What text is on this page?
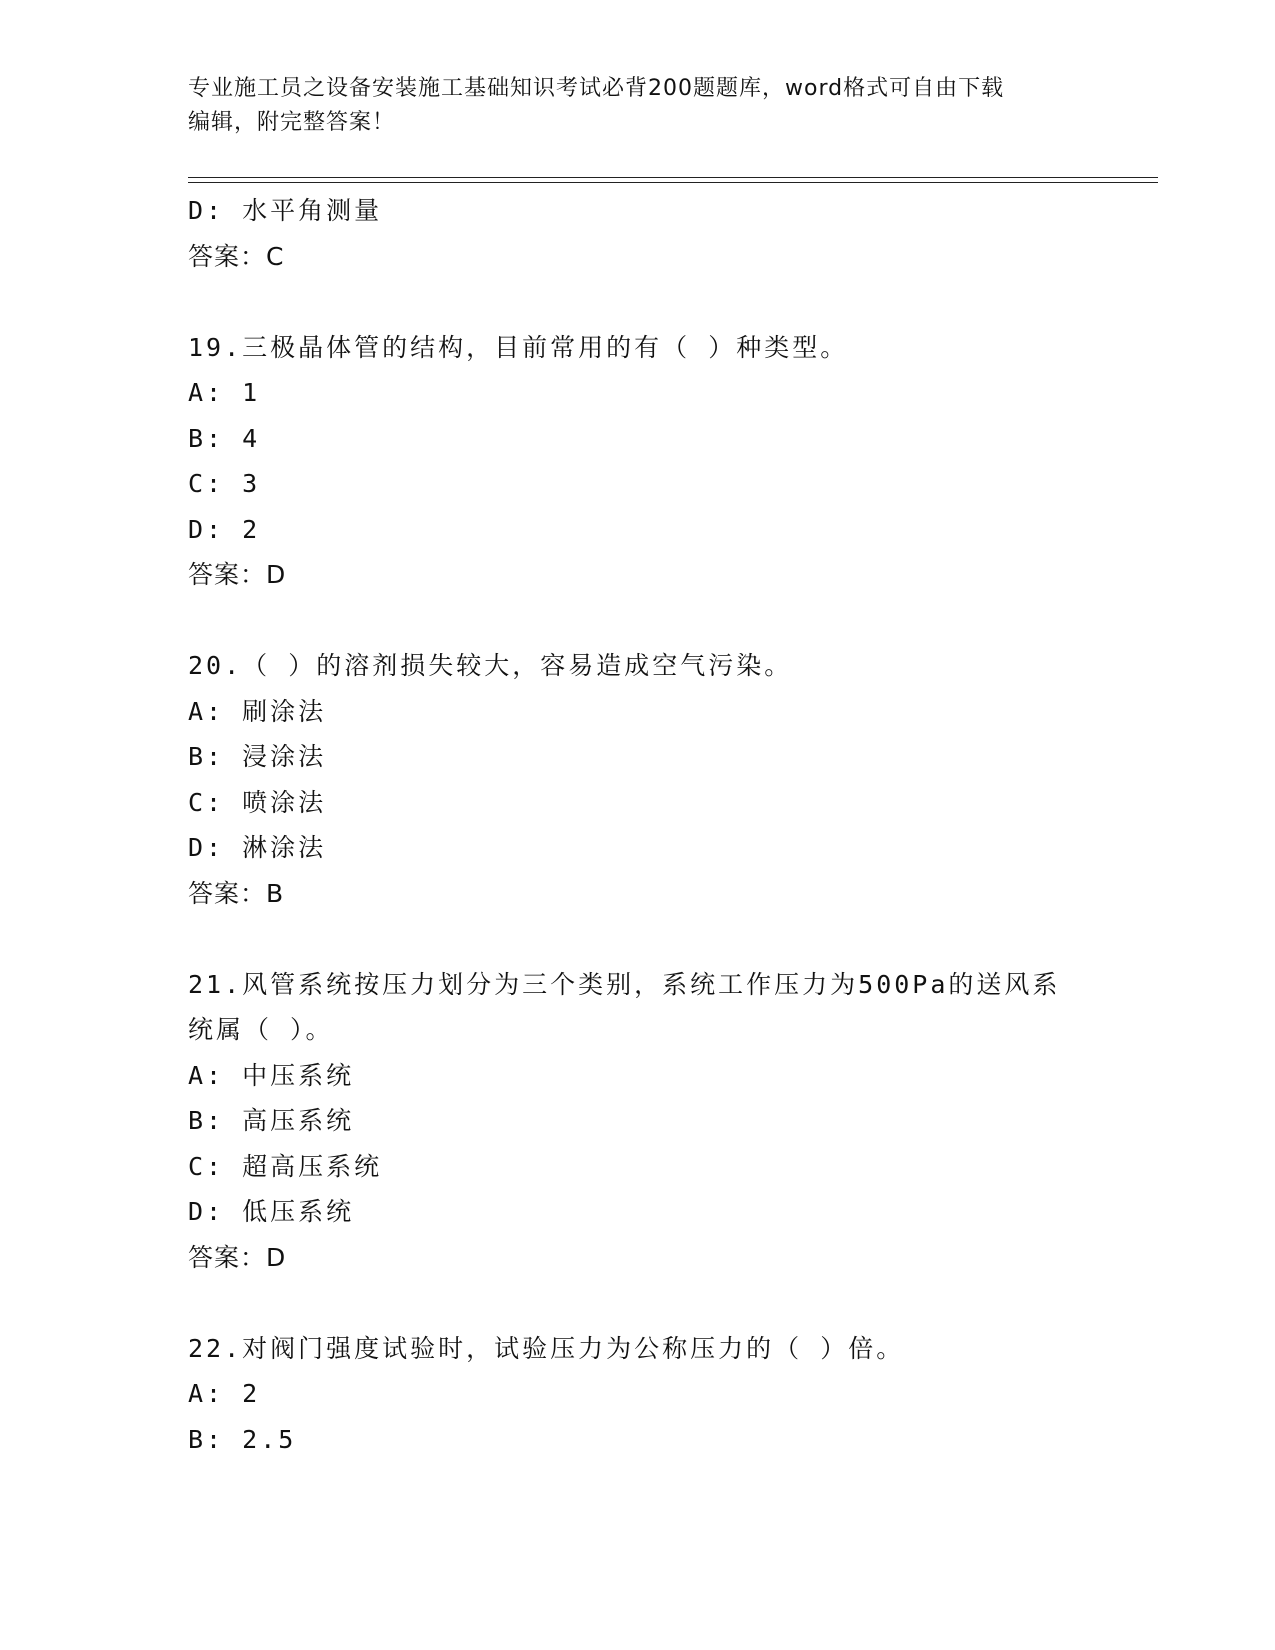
专业施工员之设备安装施工基础知识考试必背200题题库，word格式可自由下载
编辑，附完整答案！
D: 水平角测量
答案：C
19.三极晶体管的结构，目前常用的有（ ）种类型。
A: 1
B: 4
C: 3
D: 2
答案：D
20.（ ）的溶剂损失较大，容易造成空气污染。
A: 刷涂法
B: 浸涂法
C: 喷涂法
D: 淋涂法
答案：B
21.风管系统按压力划分为三个类别，系统工作压力为500Pa的送风系
统属（ ）。
A: 中压系统
B: 高压系统
C: 超高压系统
D: 低压系统
答案：D
22.对阀门强度试验时，试验压力为公称压力的（ ）倍。
A: 2
B: 2.5
